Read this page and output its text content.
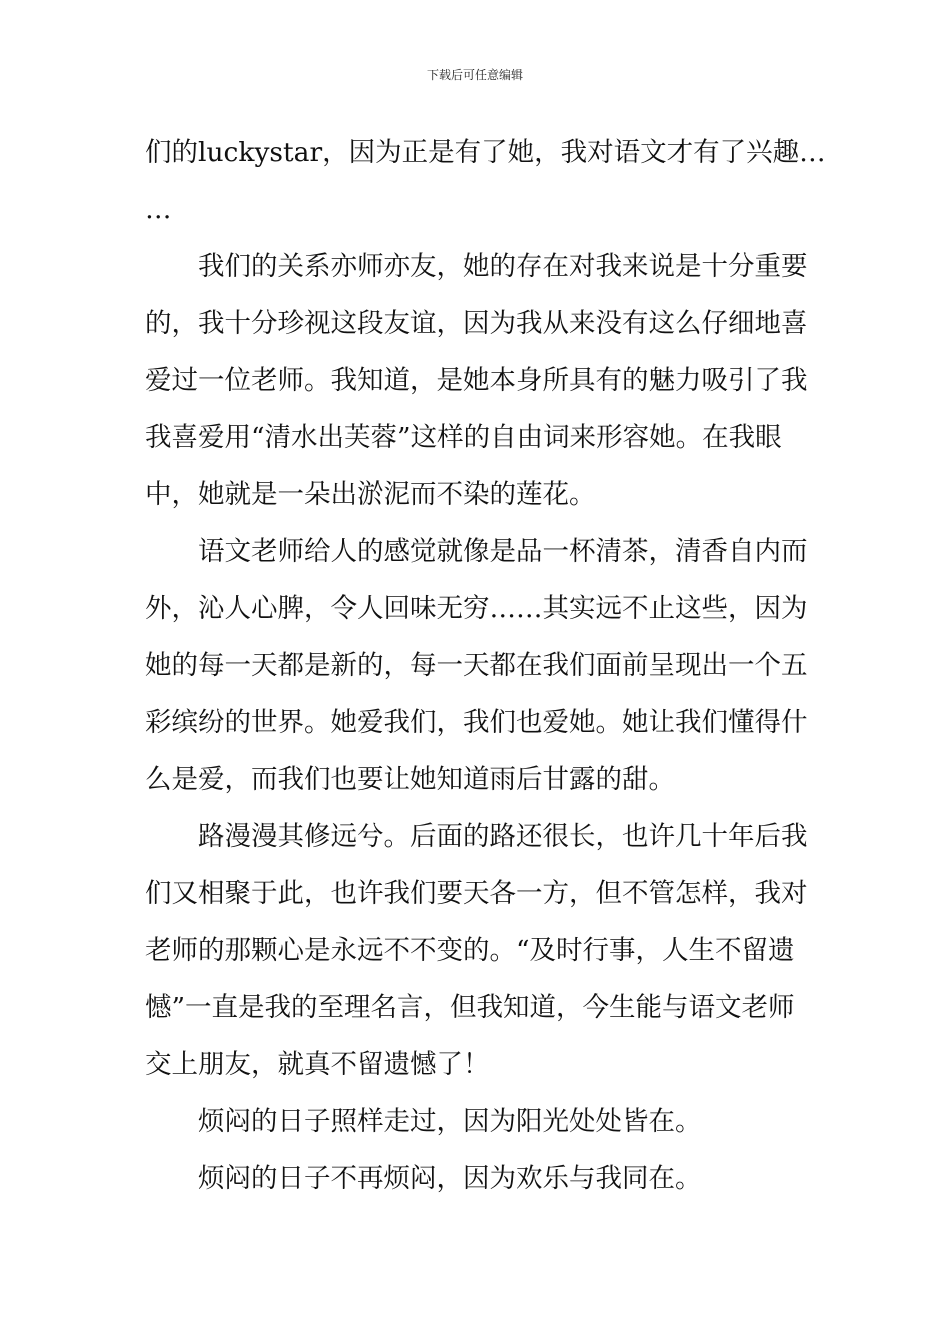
下载后可任意编辑
们的luckystar，因为正是有了她，我对语文才有了兴趣…
…
我们的关系亦师亦友，她的存在对我来说是十分重要
的，我十分珍视这段友谊，因为我从来没有这么仔细地喜
爱过一位老师。我知道，是她本身所具有的魅力吸引了我
我喜爱用“清水出芙蓉”这样的自由词来形容她。在我眼
中，她就是一朵出淤泥而不染的莲花。
语文老师给人的感觉就像是品一杯清茶，清香自内而
外，沁人心脾，令人回味无穷……其实远不止这些，因为
她的每一天都是新的，每一天都在我们面前呈现出一个五
彩缤纷的世界。她爱我们，我们也爱她。她让我们懂得什
么是爱，而我们也要让她知道雨后甘露的甜。
路漫漫其修远兮。后面的路还很长，也许几十年后我
们又相聚于此，也许我们要天各一方，但不管怎样，我对
老师的那颗心是永远不不变的。“及时行事，人生不留遗
憾”一直是我的至理名言，但我知道，今生能与语文老师
交上朋友，就真不留遗憾了！
烦闷的日子照样走过，因为阳光处处皆在。
烦闷的日子不再烦闷，因为欢乐与我同在。
